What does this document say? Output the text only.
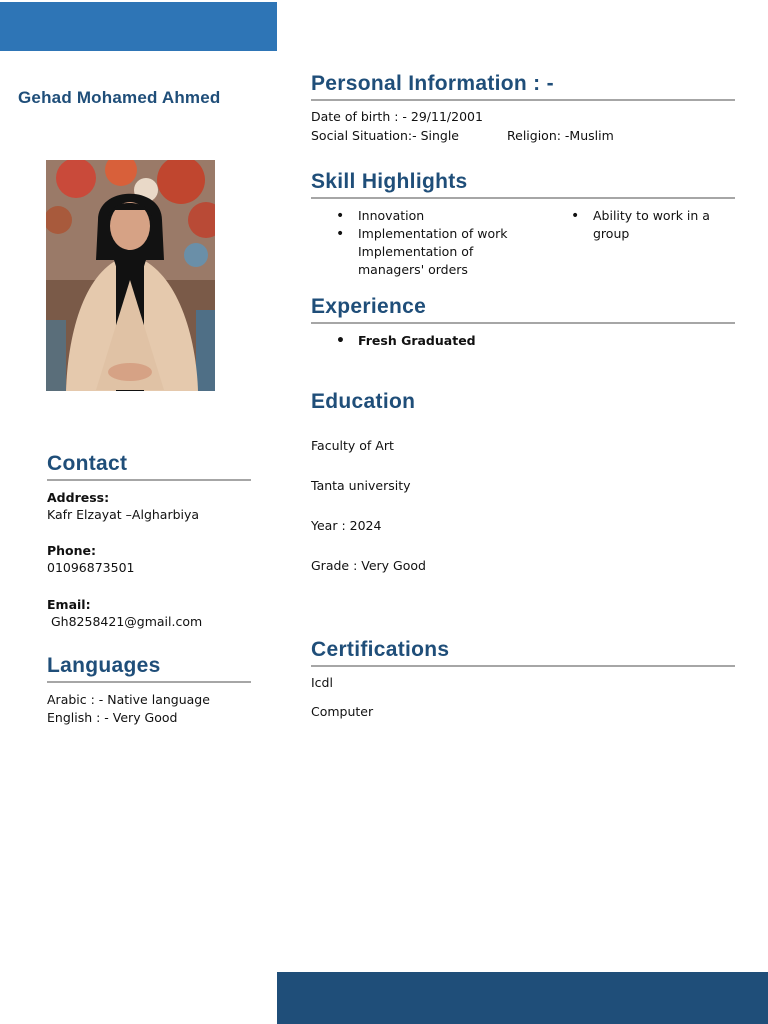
Gehad Mohamed Ahmed
Contact
Address:
Kafr Elzayat –Algharbiya
Phone:
01096873501
Email:
Gh8258421@gmail.com
Languages
Arabic : - Native language
English : - Very Good
Personal Information : -
Date of birth : - 29/11/2001
Social Situation:- Single	Religion: -Muslim
Skill Highlights
• Innovation
• Implementation of work
Implementation of
managers' orders
• Ability to work in a
group
Experience
• Fresh Graduated
Education
Faculty of Art
Tanta university
Year : 2024
Grade : Very Good
Certifications
Icdl
Computer
